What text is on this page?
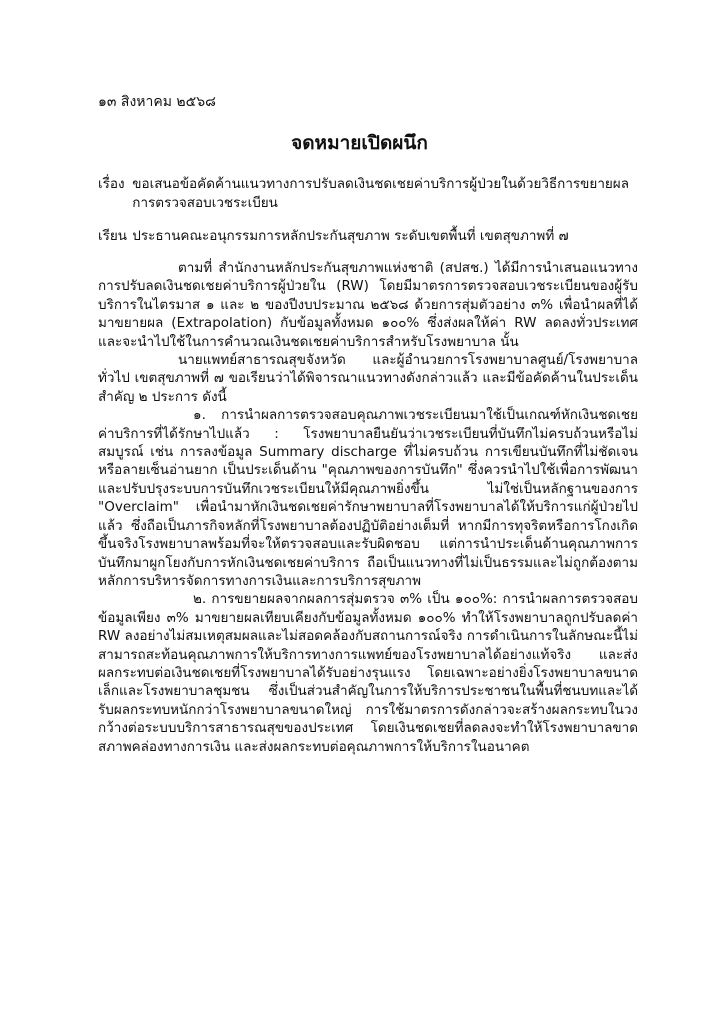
๑๓ สิงหาคม ๒๕๖๘
จดหมายเปิดผนึก
เรื่อง ขอเสนอข้อคัดค้านแนวทางการปรับลดเงินชดเชยค่าบริการผู้ป่วยในด้วยวิธีการขยายผลการตรวจสอบเวชระเบียน
เรียน ประธานคณะอนุกรรมการหลักประกันสุขภาพ ระดับเขตพื้นที่ เขตสุขภาพที่ ๗

ตามที่ สำนักงานหลักประกันสุขภาพแห่งชาติ (สปสช.) ได้มีการนำเสนอแนวทางการปรับลดเงินชดเชยค่าบริการผู้ป่วยใน (RW) โดยมีมาตรการตรวจสอบเวชระเบียนของผู้รับบริการในไตรมาส ๑ และ ๒ ของปีงบประมาณ ๒๕๖๘ ด้วยการสุ่มตัวอย่าง ๓% เพื่อนำผลที่ได้มาขยายผล (Extrapolation) กับข้อมูลทั้งหมด ๑๐๐% ซึ่งส่งผลให้ค่า RW ลดลงทั่วประเทศ และจะนำไปใช้ในการคำนวณเงินชดเชยค่าบริการสำหรับโรงพยาบาล นั้น

นายแพทย์สาธารณสุขจังหวัด และผู้อำนวยการโรงพยาบาลศูนย์/โรงพยาบาลทั่วไป เขตสุขภาพที่ ๗ ขอเรียนว่าได้พิจารณาแนวทางดังกล่าวแล้ว และมีข้อคัดค้านในประเด็นสำคัญ ๒ ประการ ดังนี้

๑. การนำผลการตรวจสอบคุณภาพเวชระเบียนมาใช้เป็นเกณฑ์หักเงินชดเชยค่าบริการที่ได้รักษาไปแล้ว : โรงพยาบาลยืนยันว่าเวชระเบียนที่บันทึกไม่ครบถ้วนหรือไม่สมบูรณ์ เช่น การลงข้อมูล Summary discharge ที่ไม่ครบถ้วน การเขียนบันทึกที่ไม่ชัดเจน หรือลายเซ็นอ่านยาก เป็นประเด็นด้าน "คุณภาพของการบันทึก" ซึ่งควรนำไปใช้เพื่อการพัฒนาและปรับปรุงระบบการบันทึกเวชระเบียนให้มีคุณภาพยิ่งขึ้น ไม่ใช่เป็นหลักฐานของการ "Overclaim" เพื่อนำมาหักเงินชดเชยค่ารักษาพยาบาลที่โรงพยาบาลได้ให้บริการแก่ผู้ป่วยไปแล้ว ซึ่งถือเป็นภารกิจหลักที่โรงพยาบาลต้องปฏิบัติอย่างเต็มที่ หากมีการทุจริตหรือการโกงเกิดขึ้นจริงโรงพยาบาลพร้อมที่จะให้ตรวจสอบและรับผิดชอบ แต่การนำประเด็นด้านคุณภาพการบันทึกมาผูกโยงกับการหักเงินชดเชยค่าบริการ ถือเป็นแนวทางที่ไม่เป็นธรรมและไม่ถูกต้องตามหลักการบริหารจัดการทางการเงินและการบริการสุขภาพ

๒. การขยายผลจากผลการสุ่มตรวจ ๓% เป็น ๑๐๐%: การนำผลการตรวจสอบข้อมูลเพียง ๓% มาขยายผลเทียบเคียงกับข้อมูลทั้งหมด ๑๐๐% ทำให้โรงพยาบาลถูกปรับลดค่า RW ลงอย่างไม่สมเหตุสมผลและไม่สอดคล้องกับสถานการณ์จริง การดำเนินการในลักษณะนี้ไม่สามารถสะท้อนคุณภาพการให้บริการทางการแพทย์ของโรงพยาบาลได้อย่างแท้จริง และส่งผลกระทบต่อเงินชดเชยที่โรงพยาบาลได้รับอย่างรุนแรง โดยเฉพาะอย่างยิ่งโรงพยาบาลขนาดเล็กและโรงพยาบาลชุมชน ซึ่งเป็นส่วนสำคัญในการให้บริการประชาชนในพื้นที่ชนบทและได้รับผลกระทบหนักกว่าโรงพยาบาลขนาดใหญ่ การใช้มาตรการดังกล่าวจะสร้างผลกระทบในวงกว้างต่อระบบบริการสาธารณสุขของประเทศ โดยเงินชดเชยที่ลดลงจะทำให้โรงพยาบาลขาดสภาพคล่องทางการเงิน และส่งผลกระทบต่อคุณภาพการให้บริการในอนาคต
